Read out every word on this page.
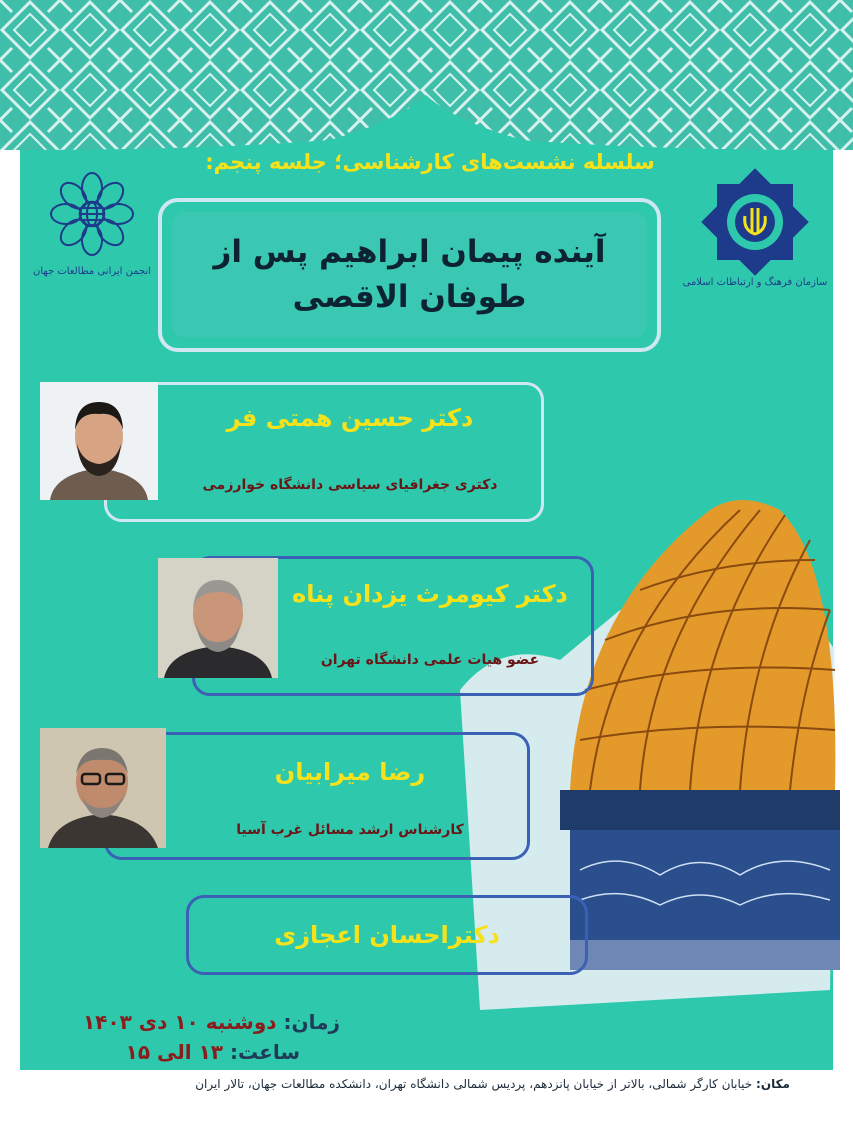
سلسله نشست‌های کارشناسی؛ جلسه پنجم:
انجمن ایرانی مطالعات جهان
سازمان فرهنگ و ارتباطات اسلامی
آینده پیمان ابراهیم پس از
طوفان الاقصی
دکتر حسین همتی فر
دکتری جغرافیای سیاسی دانشگاه خوارزمی
دکتر کیومرث یزدان پناه
عضو هیات علمی دانشگاه تهران
رضا میرابیان
کارشناس ارشد مسائل غرب آسیا
دکتراحسان اعجازی
زمان: دوشنبه ۱۰ دی ۱۴۰۳
ساعت: ۱۳ الی ۱۵
مکان: خیابان کارگر شمالی، بالاتر از خیابان پانزدهم، پردیس شمالی دانشگاه تهران، دانشکده مطالعات جهان، تالار ایران
